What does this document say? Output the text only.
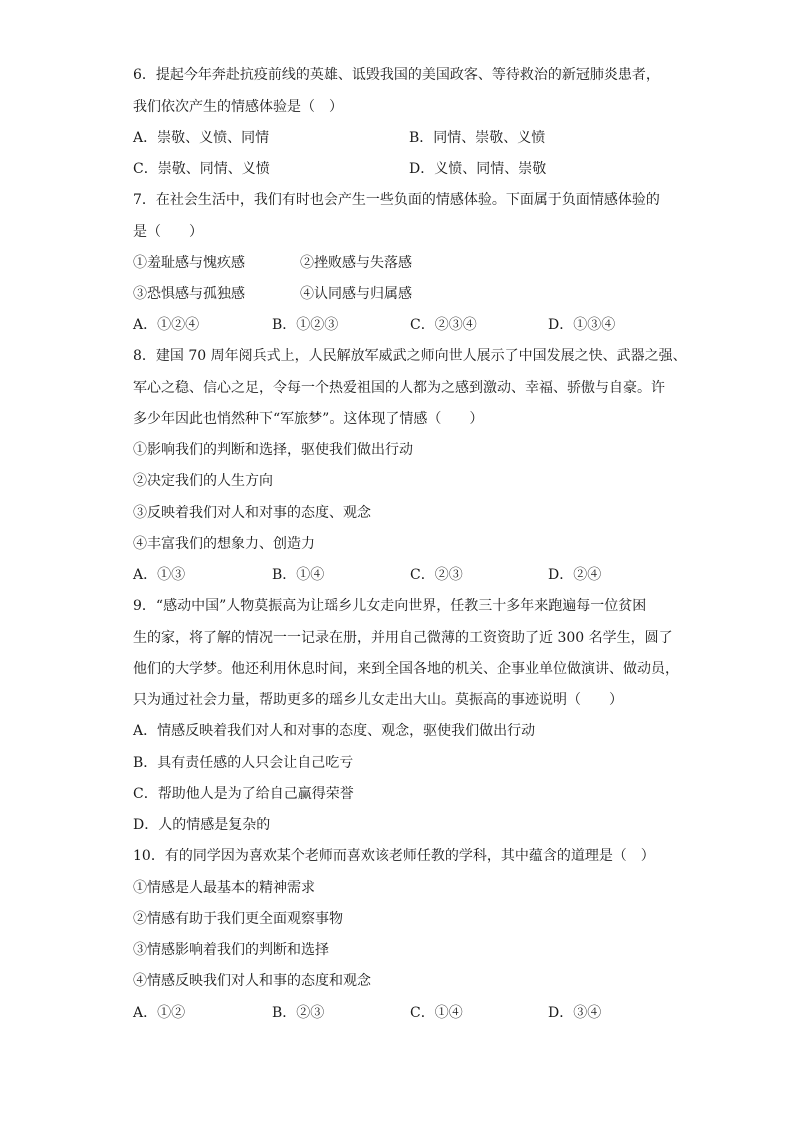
6．提起今年奔赴抗疫前线的英雄、诋毁我国的美国政客、等待救治的新冠肺炎患者，
我们依次产生的情感体验是（　）
A．崇敬、义愤、同情	B．同情、崇敬、义愤
C．崇敬、同情、义愤	D．义愤、同情、崇敬
7．在社会生活中，我们有时也会产生一些负面的情感体验。下面属于负面情感体验的
是（　　）
①羞耻感与愧疚感	②挫败感与失落感
③恐惧感与孤独感	④认同感与归属感
A．①②④	B．①②③	C．②③④	D．①③④
8．建国 70 周年阅兵式上，人民解放军威武之师向世人展示了中国发展之快、武器之强、
军心之稳、信心之足，令每一个热爱祖国的人都为之感到激动、幸福、骄傲与自豪。许
多少年因此也悄然种下“军旅梦”。这体现了情感（　　）
①影响我们的判断和选择，驱使我们做出行动
②决定我们的人生方向
③反映着我们对人和对事的态度、观念
④丰富我们的想象力、创造力
A．①③	B．①④	C．②③	D．②④
9．“感动中国”人物莫振高为让瑶乡儿女走向世界，任教三十多年来跑遍每一位贫困
生的家，将了解的情况一一记录在册，并用自己微薄的工资资助了近 300 名学生，圆了
他们的大学梦。他还利用休息时间，来到全国各地的机关、企事业单位做演讲、做动员，
只为通过社会力量，帮助更多的瑶乡儿女走出大山。莫振高的事迹说明（　　）
A．情感反映着我们对人和对事的态度、观念，驱使我们做出行动
B．具有责任感的人只会让自己吃亏
C．帮助他人是为了给自己赢得荣誉
D．人的情感是复杂的
10．有的同学因为喜欢某个老师而喜欢该老师任教的学科，其中蕴含的道理是（　）
①情感是人最基本的精神需求
②情感有助于我们更全面观察事物
③情感影响着我们的判断和选择
④情感反映我们对人和事的态度和观念
A．①②	B．②③	C．①④	D．③④
